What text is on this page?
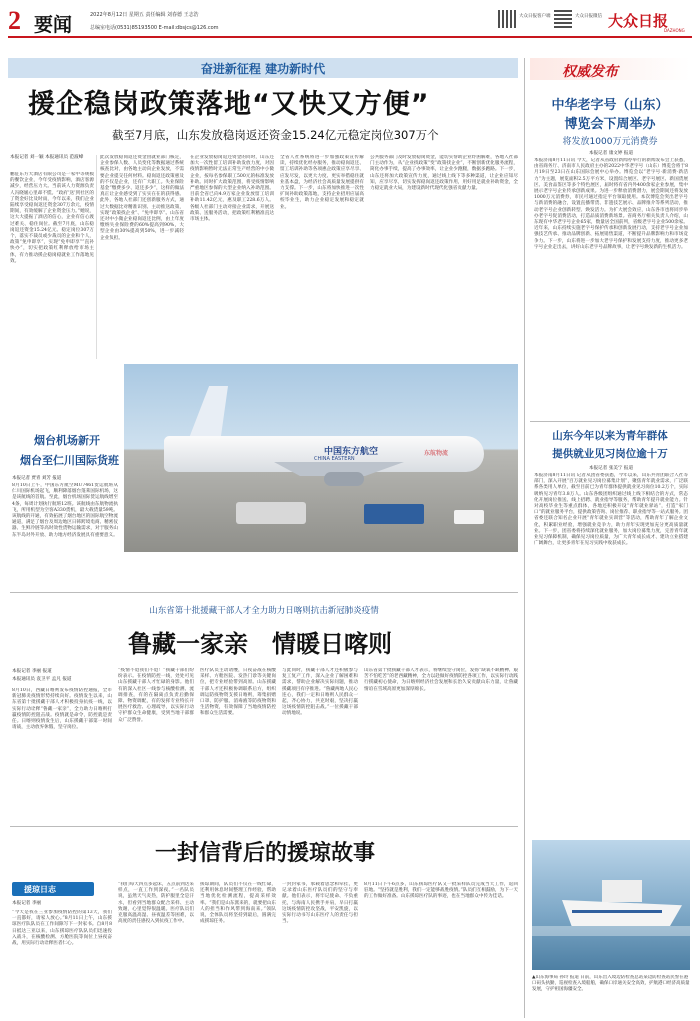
2 要闻	2022年8月12日 星期五 责任编辑 刘春德 王志浩
总编室电话(0531)85193500 E-mail:dbsjcs@126.com
大众日报客户端	大众日报微信 大众日报
DAZHONG
奋进新征程 建功新时代
援企稳岗政策落地“又快又方便”
截至7月底，山东发放稳岗返还资金15.24亿元稳定岗位307万个
本报记者 刘一颖 本报通讯员 范波峰
鹏征东方大酒店有限公司是一家中等规模的餐饮企业，今年受疫情影响，酒店客源减少，经营压力大。当前该人力资源负责人冯晓媛心里却不慌。“政府‘送’到社区的了资金好比及时雨，今年以来，我们企业陆续享受稳岗返还资金307万余元，疫情期间，有效缓解了企业资金压力。”她说，这大大提振了酒店的信心，企业有信心渡过难关、稳住岗位。截至7月底，山东稳岗返还资金15.24亿元、稳定岗位307万个，落实不裁员或少裁员的企业和个人，政策“免申即享”，实现“免申即享”“直补快办”，切实把政策红利释放给市场主体，有力推动援企稳岗稳就业工作落地见效。
此次发放稳岗返还资金由就业部门核定，企业参保人数、人员变化等数据通过系统核查比对，由各地主动向企业发放，不需要企业提交任何材料。稳岗返还政策惠及的不仅是企业，还有广大职工。失业保险基金“缴费多少、返还多少”，这样的做法真正让企业感受到了实实在在的获得感。此外，各地人社部门还创新服务方式，通过大数据比对精准识别、主动推送政策，实现“政策找企业”、“免申即享”。山东省还对中小微企业稳岗返还比例，由上年度缴纳失业保险费的60%提高到90%，大型企业由30%提高到50%，进一步减轻企业负担。
在企业发放稳岗返还资金的同时，山东还加大一次性留工培训补助发放力度，对因疫情影响暂时无法正常生产经营的中小微企业，按每名参保职工500元的标准发放补助。同时扩大政策范围，将受疫情影响严重地区参保的大型企业纳入补助范围。目前全省已向4.9万家企业发放留工培训补助11.42亿元，惠及职工228.6万人。各级人社部门主动对接企业需求，开展送政策、送服务活动，把政策红利精准直达市场主体。
全省人社系统将进一步加强政策宣传解读，持续优化经办服务，推动稳岗返还、留工培训补助等各项惠企政策应享尽享、应发尽发，以更大力度、更实举措稳住就业基本盘，为经济社会高质量发展提供有力支撑。下一步，山东将加快推进一次性扩岗补助政策落地，支持企业招用应届高校毕业生，助力企业稳定发展和稳定就业。
公共服务部门及时发放稳岗资金，能切实帮助企业纾困解难，各地人社部门主动作为，从“企业找政策”变“政策找企业”，不断创新优化服务流程，简化办事手续，提高了办事效率，让企业少跑腿，数据多跑路。下一步，山东还将加大政策宣传力度，通过线上线下等多种渠道，让企业应知尽知，应享尽享，切实发挥稳岗返还政策作用，用好用足就业补助资金，全力稳定就业大局，为建设新时代现代化强省贡献力量。
权威发布
中华老字号（山东）
博览会下周举办
将发放1000万元消费券
本报记者 康文婷 报道
本报济南8月11日讯 今天，记者从省政府新闻办举行的新闻发布会上获悉，由省商务厅、济南市人民政府主办的2022中华老字号（山东）博览会将于8月19日至23日在山东国际会展中心举办。博览会以“老字号·新消费·新活力”为主题，展览面积2.5万平方米，设置综合展区、老字号展区、新国货展区、美食品鉴区等多个特色展区，届时将有省内外400余家企业参展，集中展示老字号企业传承创新成果。为进一步释放消费潜力，展会期间还将发放1000万元消费券，市民可通过指定平台领取使用。本次博览会突出老字号与新消费的融合，设置直播带货、非遗技艺展示、品牌推介等系列活动，推动老字号企业创新转型、焕发活力。为扩大展会效应，山东各市也将同步举办老字号促消费活动，打造品质消费新场景。省商务厅相关负责人介绍，山东现有中华老字号企业65家，数量居全国前列，省级老字号企业500余家。近年来，山东持续实施老字号保护传承和创新发展行动，支持老字号企业加强技艺传承、推动品牌创新、拓展销售渠道，不断提升品牌影响力和市场竞争力。下一步，山东将进一步加大老字号保护和发展支持力度，推动更多老字号企业走出去，讲好山东老字号品牌故事，让老字号焕发新的生机活力。
中国东方航空
CHINA EASTERN
东航物流
烟台机场新开
烟台至仁川国际货班
本报记者 贾青 刘芳 报道
8月10日上午，中国东方航空MU7461货运航班从仁川国际机场起飞，顺利降落烟台蓬莱国际机场，这是该航线的首航。至此，烟台机场国际货运航线增至4条，每周计划执行航班12班。该航线由东航物流执飞，所用机型为空客A330货机，最大载货量59吨。该航线的开通，有效拓展了烟台地区的国际航空物流通道，满足了烟台及周边地区日韩跨境电商、精密仪器、生鲜冷链等高时效性货物运输需求，对于服务山东半岛对外开放、助力地方经济发展具有重要意义。
山东今年以来为青年群体
提供就业见习岗位逾十万
本报记者 张美宁 报道
本报济南8月11日讯 记者从团省委获悉，今年以来，山东共青团联合人社等部门，深入开展“百万就业见习岗位募集计划”，聚焦青年就业需求，广泛联系各类用人单位，截至目前已为青年群体提供就业见习岗位10.2万个，实际吸纳见习青年3.8万人。山东各级团组织通过线上线下相结合的方式，常态化开展岗位推送、线上招聘、就业指导等服务，帮助青年提升就业能力。针对高校毕业生等重点群体，各地还积极开设“青年就业驿站”，打造“家门口”的就业服务平台，提供政策咨询、岗位推荐、职业指导等一站式服务。团省委还联合知名企业开展“青年就业实训营”等活动，帮助青年了解企业文化，积累职业经验，增强就业竞争力，助力青年实现更加充分更高质量就业。下一步，团省委将持续深化就业服务，加大岗位募集力度，完善青年就业见习保障机制，确保见习岗位质量，为广大青年成长成才、建功立业搭建广阔舞台，让更多青年在见习实践中收获成长。
▲山东海事局 孙玲 报道 日前，山东出入境边防检查总站某边防检查站民警在港口码头执勤，巡视检查入境船舶，确保口岸通关安全高效，护航港口经济高质量发展，守护祖国海疆安全。
山东省第十批援藏干部人才全力助力日喀则抗击新冠肺炎疫情
鲁藏一家亲　情暖日喀则
本报记者 李丽 报道
本报通讯员 袁卫平 孟凡 报道
8月10日，西藏日喀则发布疫情防控通报，全市新冠肺炎疫情形势持续向好。疫情发生以来，山东省第十批援藏干部人才积极投身抗疫一线，以实际行动诠释“鲁藏一家亲”，全力助力日喀则打赢疫情防控阻击战。疫情就是命令，防控就是责任。日喀则疫情发生后，山东援藏干部第一时间请战，主动放弃休假，坚守岗位。
“疫情不退我们不退！”援藏干部们纷纷表示。在疫情防控一线，处处可见山东援藏干部人才忙碌的身影。他们有的深入社区一线参与核酸检测、流调排查，有的在隔离点负责后勤保障、物资调配，有的发挥专业特长开展医疗救治、心理疏导，以实际行动守护群众生命健康，受到当地干部群众广泛赞誉。
医疗队员主动请缨，日夜奋战在核酸采样、方舱医院、发热门诊等关键岗位，把专业经验带到高原。山东援藏干部人才还积极协调联系后方，组织调运防疫物资支援日喀则，筹集捐赠口罩、防护服、消毒液等防疫物资和生活物资，有效保障了当地疫情防控和群众生活需要。
与此同时，援藏干部人才还积极参与复工复产工作，深入企业了解困难和需求，帮助企业解决实际问题，推动援藏项目有序推进。“鲁藏两地人民心连心，我们一定和日喀则人民群众一起，齐心协力，共克时艰，坚决打赢这场疫情防控阻击战。”一位援藏干部动情地说。
山东省第十批援藏干部人才表示，将继续坚守岗位，发扬“缺氧不缺精神、艰苦不怕吃苦”的老西藏精神，全力以赴做好疫情防控各项工作，以实际行动践行援藏初心使命，为日喀则经济社会发展和长治久安贡献山东力量，让鲁藏情谊在雪域高原更加深厚绵长。
一封信背后的援琼故事
援琼日志
本报记者 李丽
“今天是我在三亚参加疫情防控的第13天，我们一直都好，请家人放心。”8月11日上午，山东援琼医疗队队员在工作间隙写下一封家书。自8月8日抵达三亚以来，山东援琼医疗队队员们迅速投入战斗，在核酸检测、方舱医院等岗位上昼夜奋战，用实际行动诠释医者仁心。
“我们每天四点多起床，五点前到达采样点，一直工作到深夜。”一名队员说，虽然天气炎热，防护服里全是汗水，但看到当地群众配合采样、主动致谢，心里觉得很温暖。医疗队员们克服高温高湿、昼夜温差等困难，以高度的责任感投入到抗疫工作中。
援琼期间，队员们不仅在一线忙碌，还利用休息时间整理工作经验，帮助当地优化检测流程，提高采样效率。“我们是山东派来的，就要把山东人的担当和作风带到海南来。”领队说，全体队员将坚持到最后，圆满完成援琼任务。
一封封家书，承载着思念和牵挂，更记录着山东医疗队员们的坚守与奉献。他们表示，将牢记使命、不负重托，与海南人民携手并肩，早日打赢这场疫情防控攻坚战，平安凯旋，以实际行动书写山东医疗人的责任与担当。
8月11日下午6点多，山东援琼医疗队又一批采样队员完成当天工作，返回驻地。“坚持就是胜利，我们一定能够战胜疫情。”队员们互相鼓励，为下一天的工作做好准备。山东援琼医疗队的事迹，也在当地群众中传为佳话。
